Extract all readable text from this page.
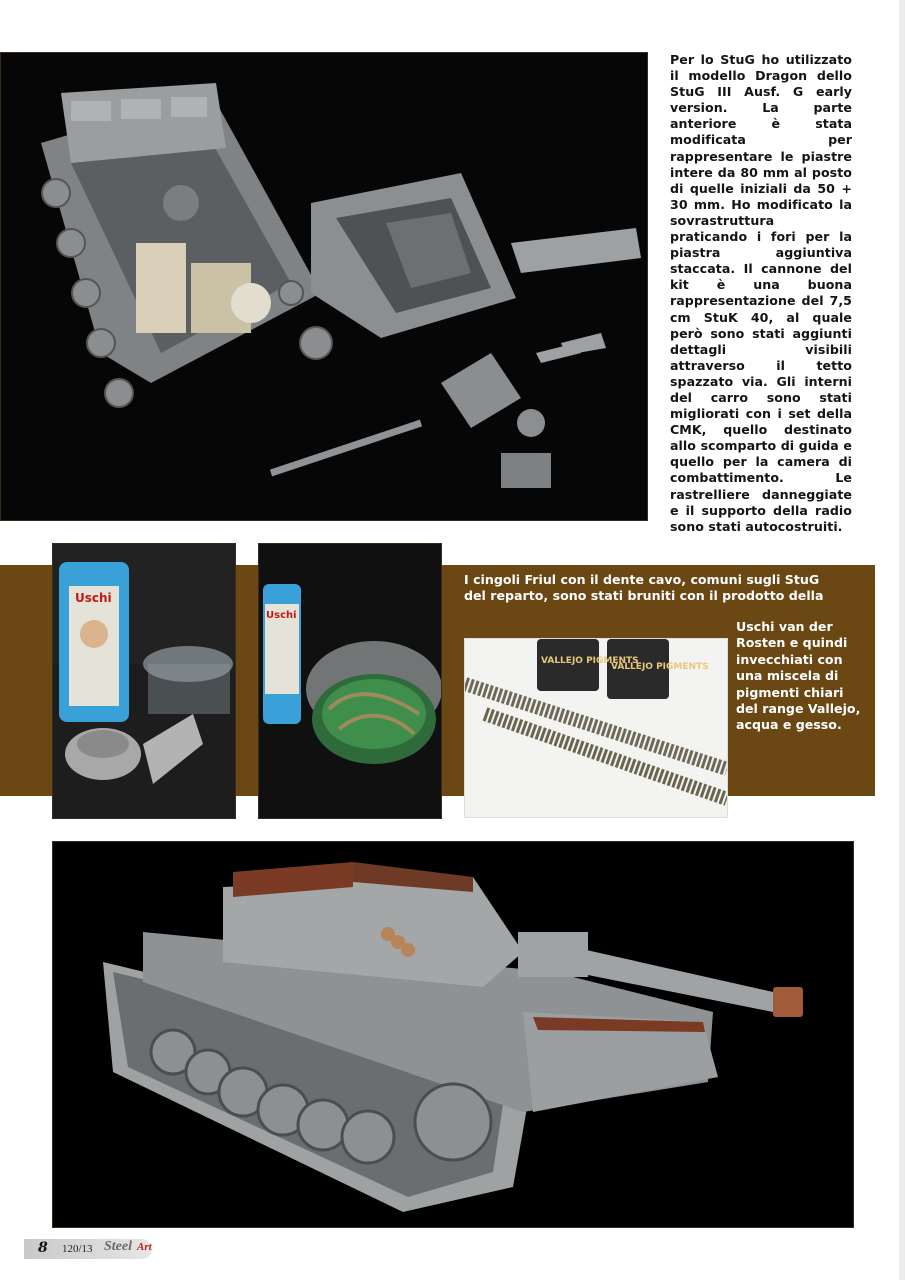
Per lo StuG ho utilizzato il modello Dragon dello StuG III Ausf. G early version. La parte anteriore è stata modificata per rappresentare le piastre intere da 80 mm al posto di quelle iniziali da 50 + 30 mm. Ho modificato la sovrastruttura praticando i fori per la piastra aggiuntiva staccata. Il cannone del kit è una buona rappresentazione del 7,5 cm StuK 40, al quale però sono stati aggiunti dettagli visibili attraverso il tetto spazzato via. Gli interni del carro sono stati migliorati con i set della CMK, quello destinato allo scomparto di guida e quello per la camera di combattimento. Le rastrelliere danneggiate e il supporto della radio sono stati autocostruiti.
Uschi
Uschi
I cingoli Friul con il dente cavo, comuni sugli StuG del reparto, sono stati bruniti con il prodotto della
VALLEJO PIGMENTS
VALLEJO PIGMENTS
Uschi van der Rosten e quindi invecchiati con una miscela di pigmenti chiari del range Vallejo, acqua e gesso.
8 120/13 Steel Art
